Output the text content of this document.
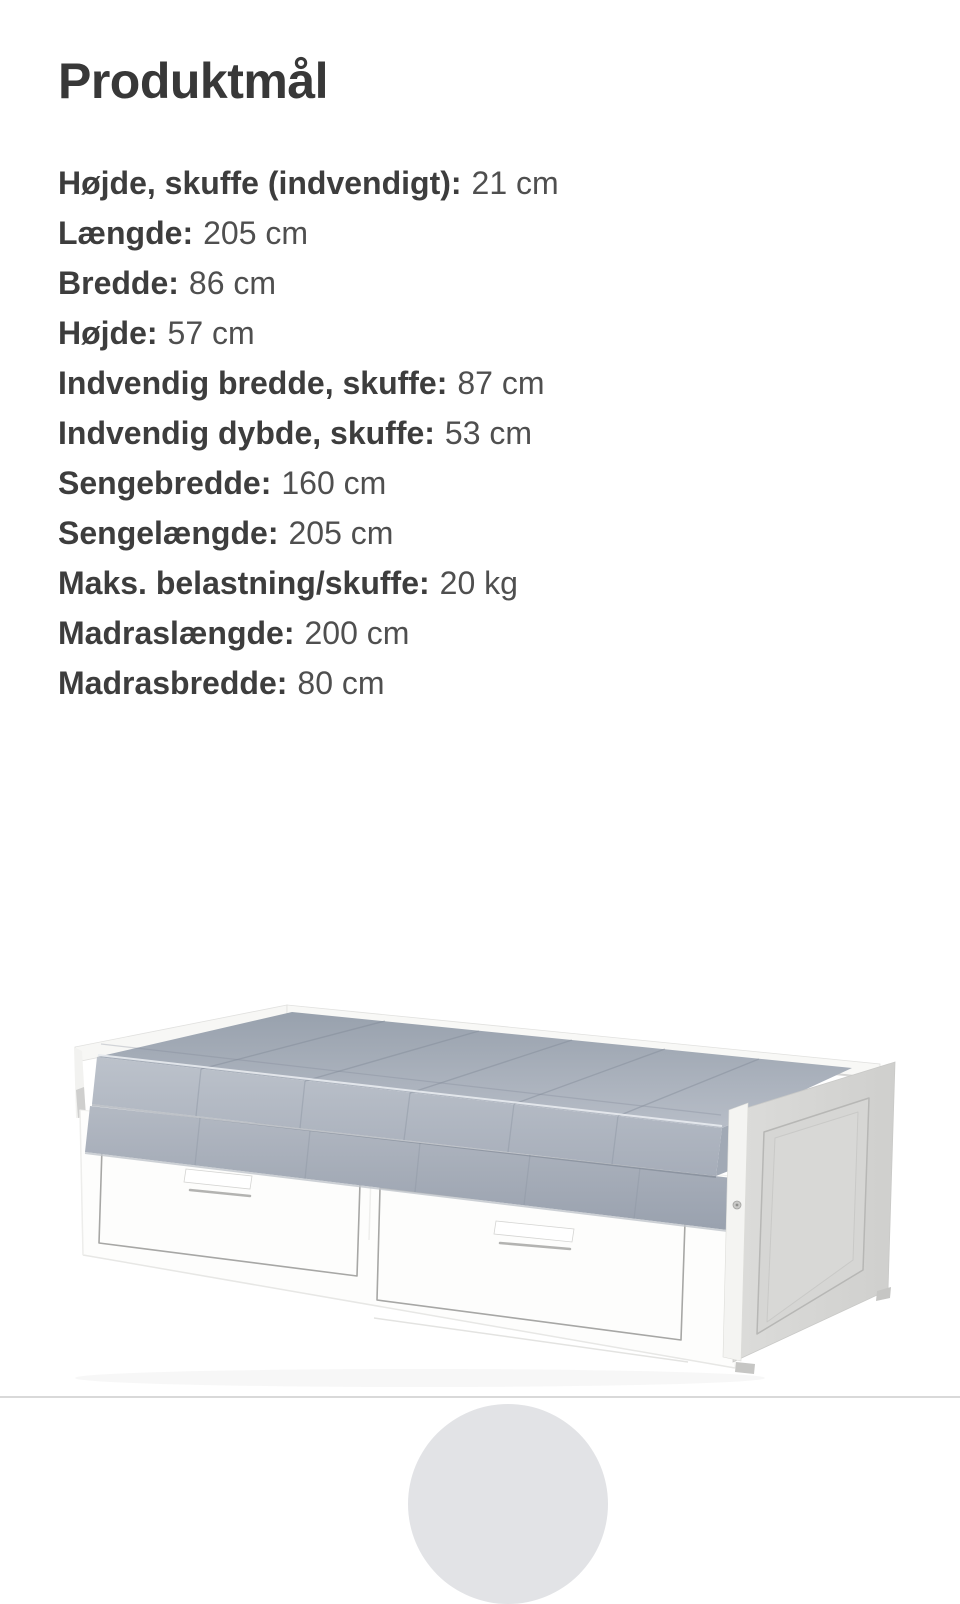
Produktmål
Højde, skuffe (indvendigt): 21 cm
Længde: 205 cm
Bredde: 86 cm
Højde: 57 cm
Indvendig bredde, skuffe: 87 cm
Indvendig dybde, skuffe: 53 cm
Sengebredde: 160 cm
Sengelængde: 205 cm
Maks. belastning/skuffe: 20 kg
Madraslængde: 200 cm
Madrasbredde: 80 cm
